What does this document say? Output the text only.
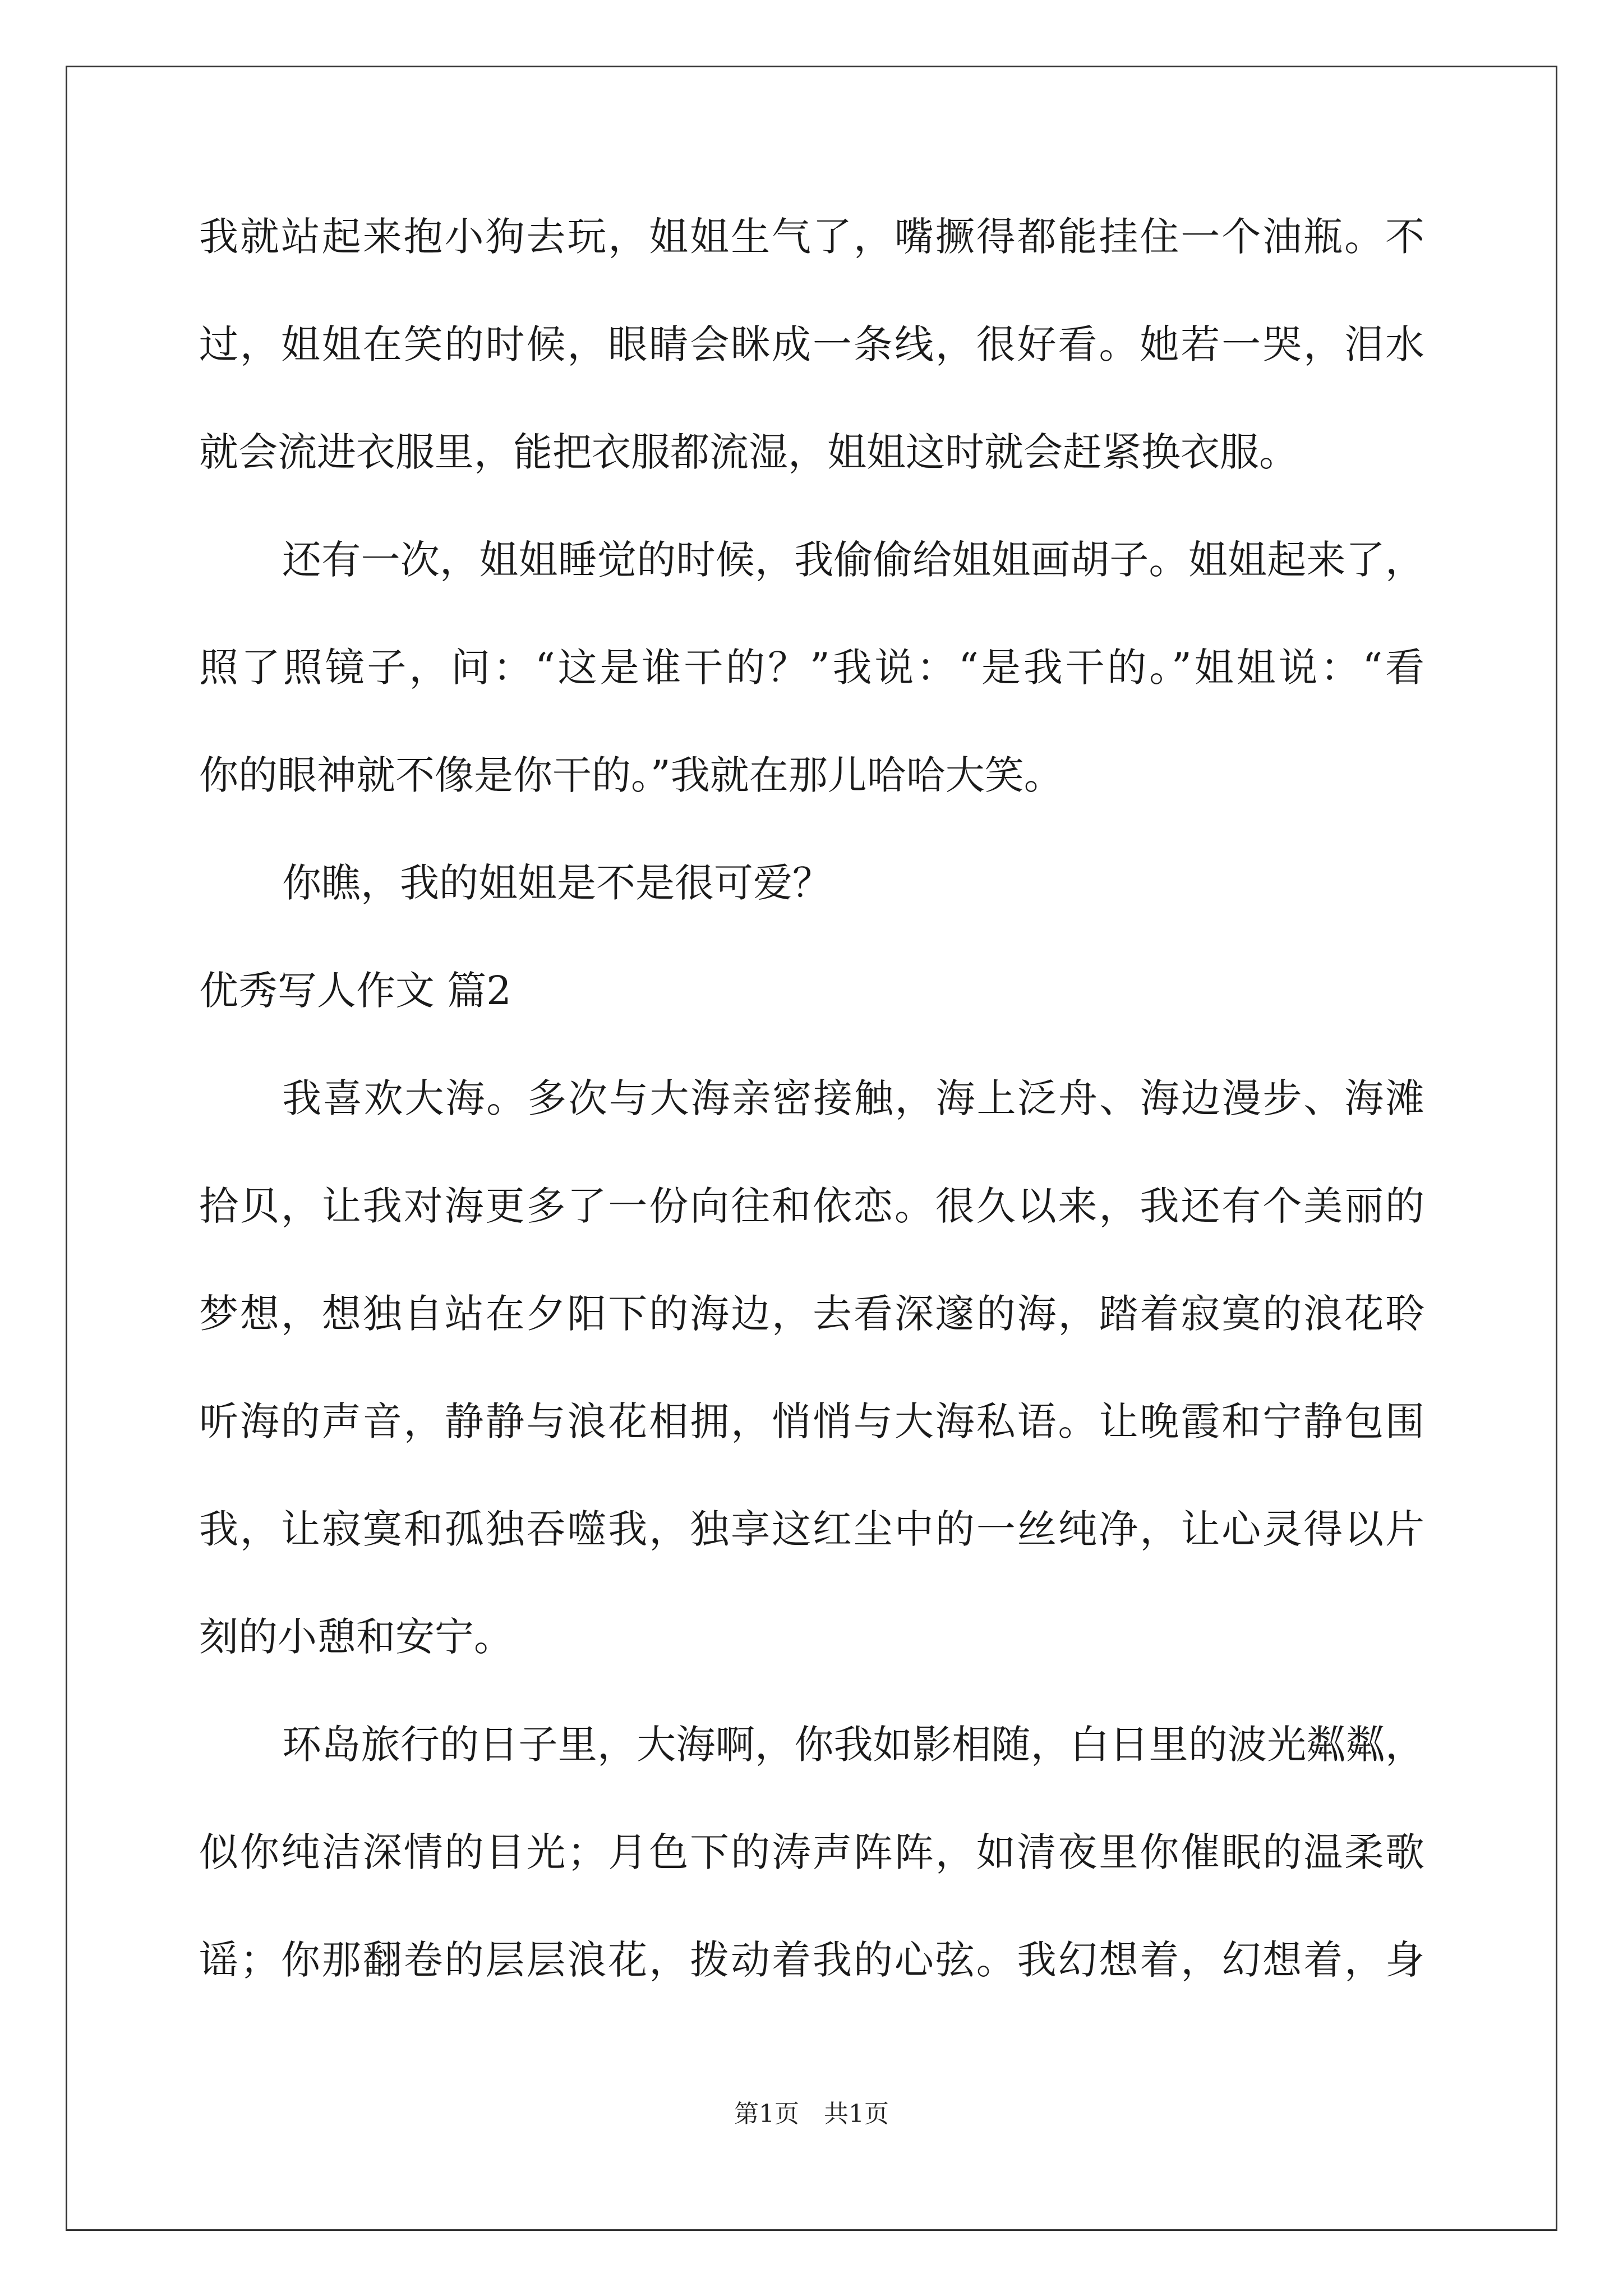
我就站起来抱小狗去玩，姐姐生气了，嘴撅得都能挂住一个油瓶。不
过，姐姐在笑的时候，眼睛会眯成一条线，很好看。她若一哭，泪水
就会流进衣服里，能把衣服都流湿，姐姐这时就会赶紧换衣服。
还有一次，姐姐睡觉的时候，我偷偷给姐姐画胡子。姐姐起来了，
照了照镜子，问：“这是谁干的？”我说：“是我干的。”姐姐说：“看
你的眼神就不像是你干的。”我就在那儿哈哈大笑。
你瞧，我的姐姐是不是很可爱？
优秀写人作文 篇2
我喜欢大海。多次与大海亲密接触，海上泛舟、海边漫步、海滩
拾贝，让我对海更多了一份向往和依恋。很久以来，我还有个美丽的
梦想，想独自站在夕阳下的海边，去看深邃的海，踏着寂寞的浪花聆
听海的声音，静静与浪花相拥，悄悄与大海私语。让晚霞和宁静包围
我，让寂寞和孤独吞噬我，独享这红尘中的一丝纯净，让心灵得以片
刻的小憩和安宁。
环岛旅行的日子里，大海啊，你我如影相随，白日里的波光粼粼，
似你纯洁深情的目光；月色下的涛声阵阵，如清夜里你催眠的温柔歌
谣；你那翻卷的层层浪花，拨动着我的心弦。我幻想着，幻想着，身
第1页　共1页
